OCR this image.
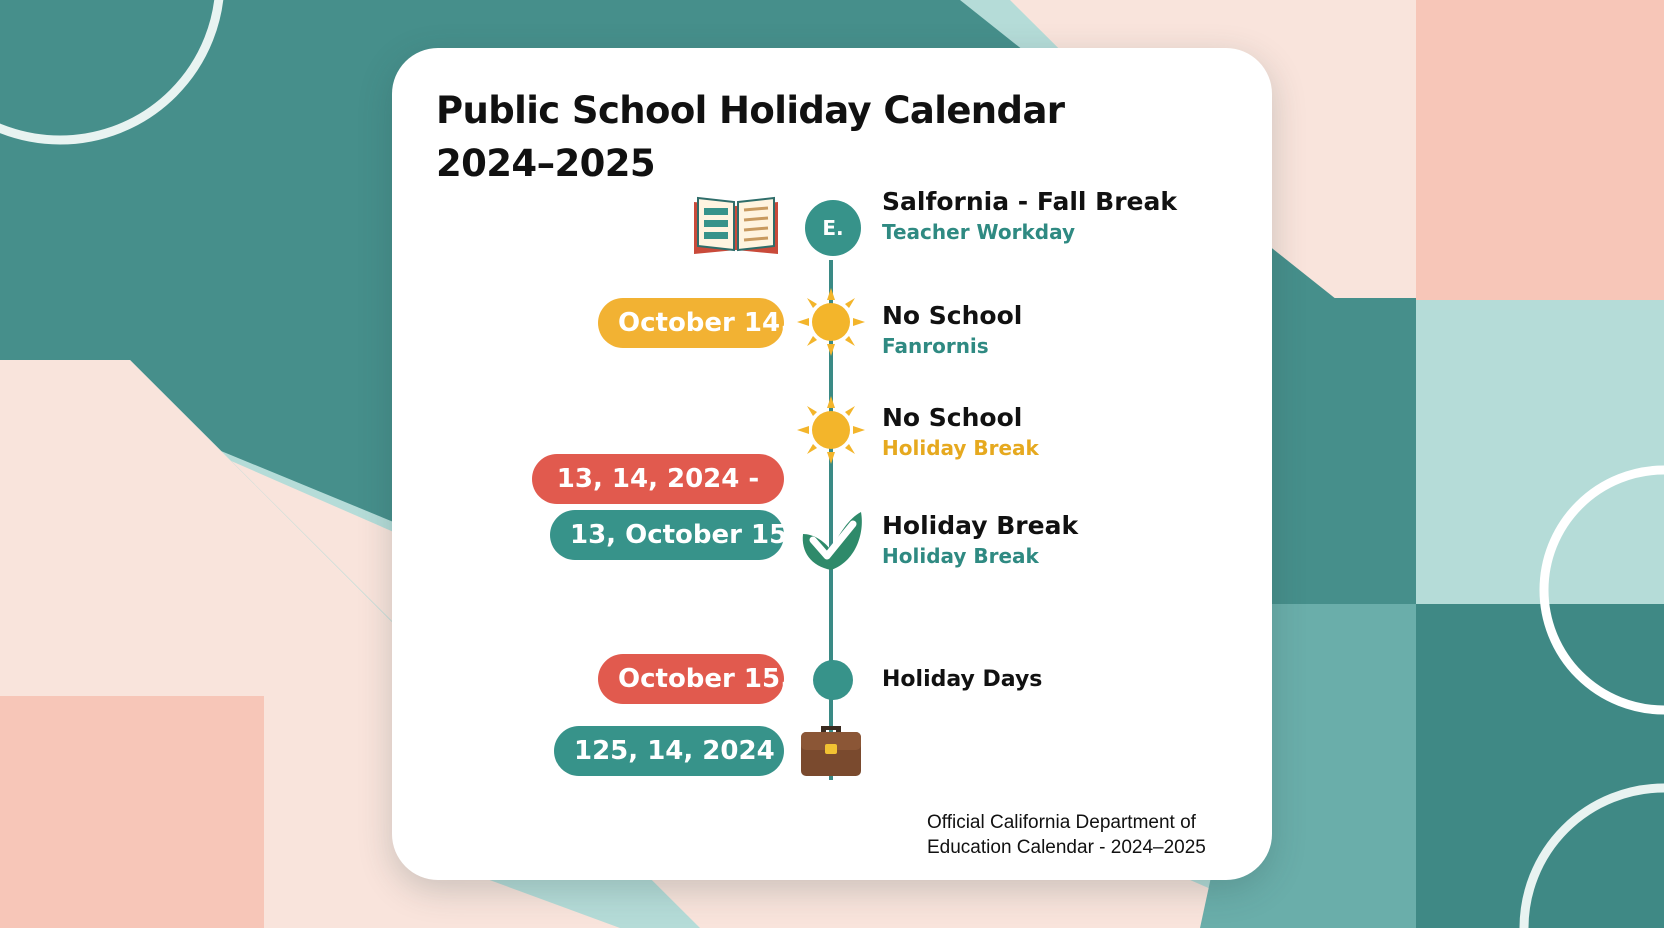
Public School Holiday Calendar
2024–2025
E.
Salfornia - Fall Break
Teacher Workday
October 14,	No School
Fanrornis
13, 14, 2024 -
No School
Holiday Break
13, October 15-	Holiday Break
Holiday Break
October 15,	Holiday Days
125, 14, 2024 -
Official California Department of
Education Calendar - 2024–2025
